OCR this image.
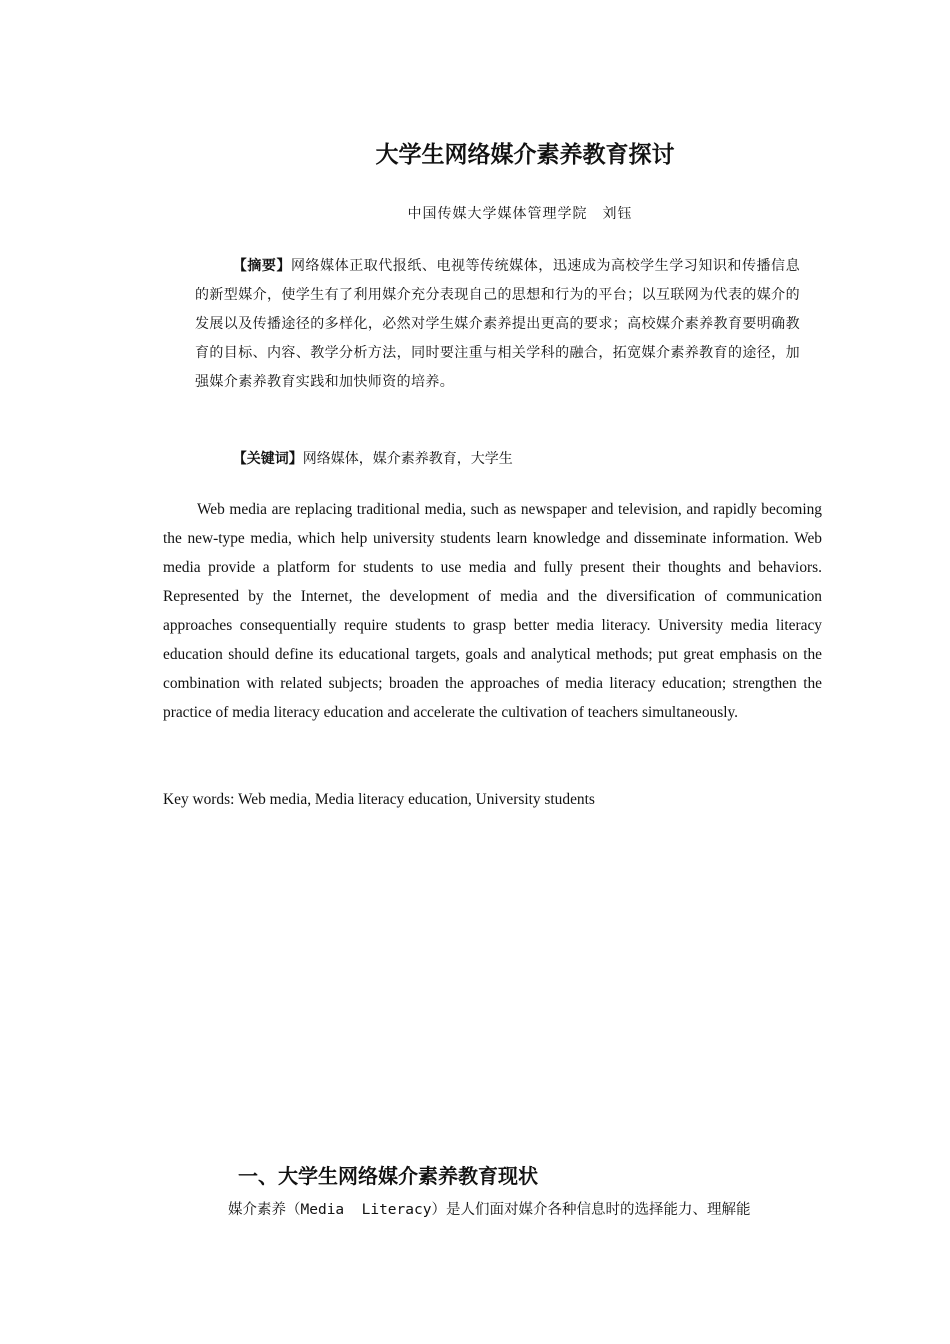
大学生网络媒介素养教育探讨
中国传媒大学媒体管理学院　刘钰
【摘要】网络媒体正取代报纸、电视等传统媒体，迅速成为高校学生学习知识和传播信息的新型媒介，使学生有了利用媒介充分表现自己的思想和行为的平台；以互联网为代表的媒介的发展以及传播途径的多样化，必然对学生媒介素养提出更高的要求；高校媒介素养教育要明确教育的目标、内容、教学分析方法，同时要注重与相关学科的融合，拓宽媒介素养教育的途径，加强媒介素养教育实践和加快师资的培养。
【关键词】网络媒体，媒介素养教育，大学生
Web media are replacing traditional media, such as newspaper and television, and rapidly becoming the new-type media, which help university students learn knowledge and disseminate information. Web media provide a platform for students to use media and fully present their thoughts and behaviors. Represented by the Internet, the development of media and the diversification of communication approaches consequentially require students to grasp better media literacy. University media literacy education should define its educational targets, goals and analytical methods; put great emphasis on the combination with related subjects; broaden the approaches of media literacy education; strengthen the practice of media literacy education and accelerate the cultivation of teachers simultaneously.
Key words: Web media, Media literacy education, University students
一、大学生网络媒介素养教育现状
媒介素养（Media  Literacy）是人们面对媒介各种信息时的选择能力、理解能
